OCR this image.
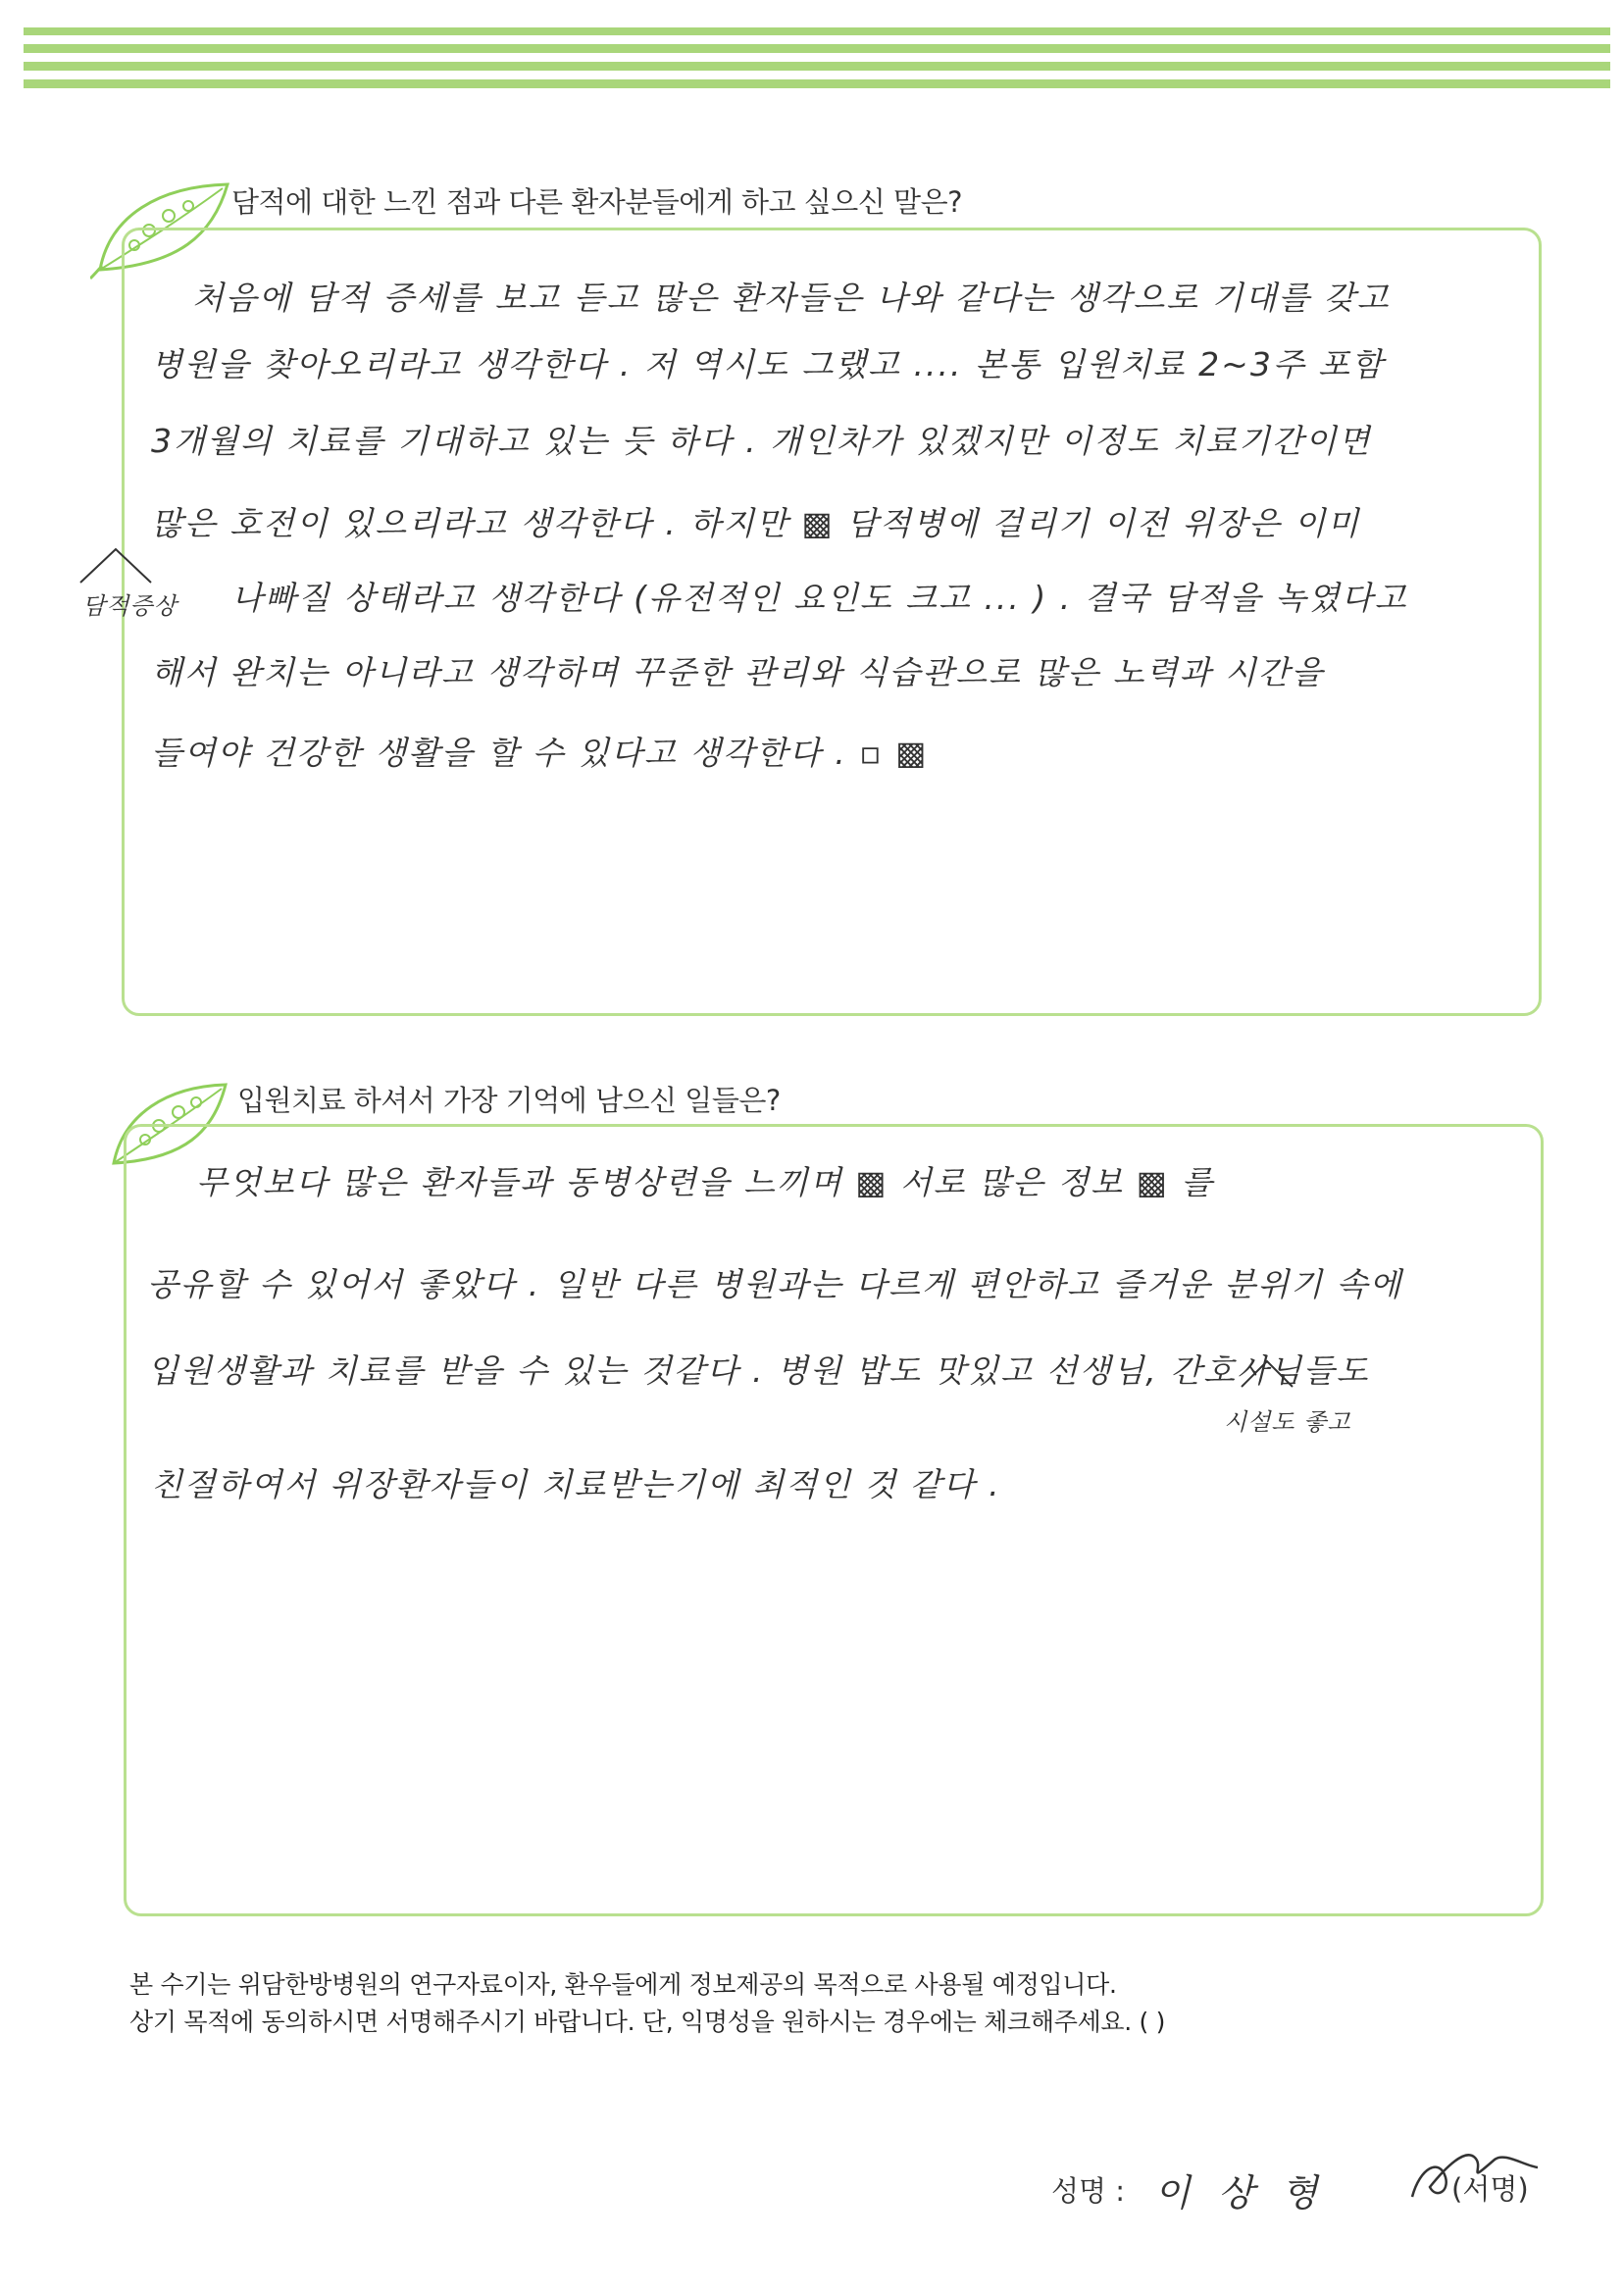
담적에 대한 느낀 점과 다른 환자분들에게 하고 싶으신 말은?
처음에 담적 증세를 보고 듣고 많은 환자들은 나와 같다는 생각으로 기대를 갖고
병원을 찾아오리라고 생각한다 . 저 역시도 그랬고 .... 본통 입원치료 2~3주 포함
3개월의 치료를 기대하고 있는 듯 하다 . 개인차가 있겠지만 이정도 치료기간이면
많은 호전이 있으리라고 생각한다 . 하지만 ▩ 담적병에 걸리기 이전 위장은 이미
담적증상 나빠질 상태라고 생각한다 (유전적인 요인도 크고 ... ) . 결국 담적을 녹였다고
해서 완치는 아니라고 생각하며 꾸준한 관리와 식습관으로 많은 노력과 시간을
들여야 건강한 생활을 할 수 있다고 생각한다 . ▫ ▩
입원치료 하셔서 가장 기억에 남으신 일들은?
무엇보다 많은 환자들과 동병상련을 느끼며 ▩ 서로 많은 정보 ▩ 를
공유할 수 있어서 좋았다 . 일반 다른 병원과는 다르게 편안하고 즐거운 분위기 속에
입원생활과 치료를 받을 수 있는 것같다 . 병원 밥도 맛있고 선생님, 간호사님들도
시설도 좋고
친절하여서 위장환자들이 치료받는기에 최적인 것 같다 .
본 수기는 위담한방병원의 연구자료이자, 환우들에게 정보제공의 목적으로 사용될 예정입니다.
상기 목적에 동의하시면 서명해주시기 바랍니다. 단, 익명성을 원하시는 경우에는 체크해주세요. ( )
성명 : 이 상 형	(서명)
